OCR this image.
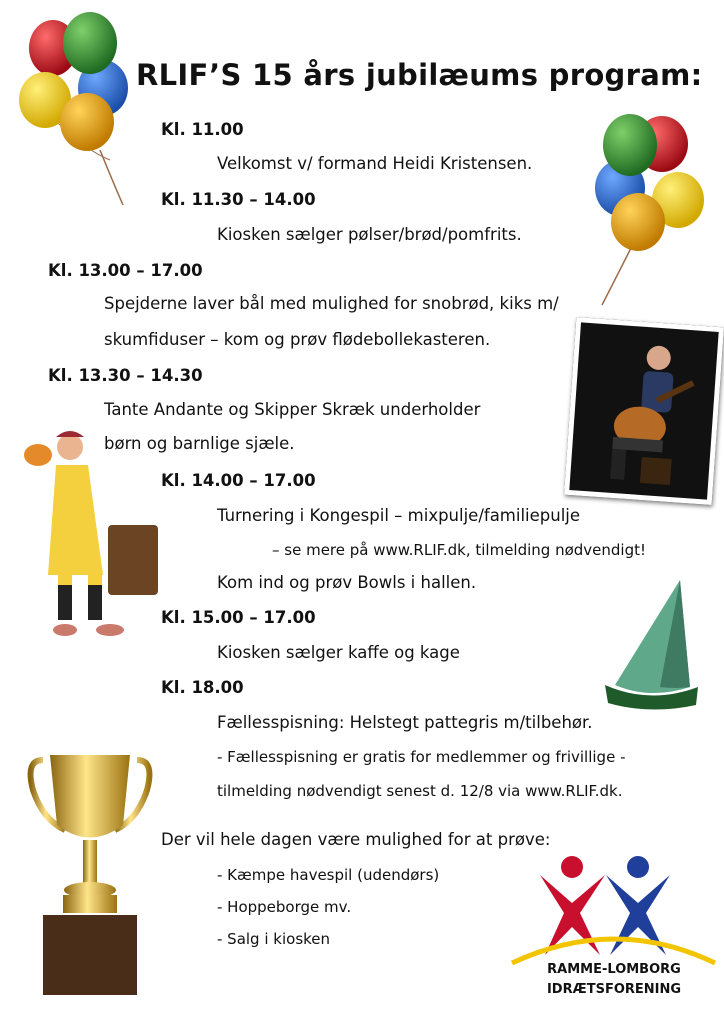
RLIF’S 15 års jubilæums program:
Kl. 11.00
Velkomst v/ formand Heidi Kristensen.
Kl. 11.30 – 14.00
Kiosken sælger pølser/brød/pomfrits.
Kl. 13.00 – 17.00
Spejderne laver bål med mulighed for snobrød, kiks m/
skumfiduser – kom og prøv flødebollekasteren.
Kl. 13.30 – 14.30
Tante Andante og Skipper Skræk underholder
børn og barnlige sjæle.
Kl. 14.00 – 17.00
Turnering i Kongespil – mixpulje/familiepulje
– se mere på www.RLIF.dk, tilmelding nødvendigt!
Kom ind og prøv Bowls i hallen.
Kl. 15.00 – 17.00
Kiosken sælger kaffe og kage
Kl. 18.00
Fællesspisning: Helstegt pattegris m/tilbehør.
- Fællesspisning er gratis for medlemmer og frivillige -
tilmelding nødvendigt senest d. 12/8 via www.RLIF.dk.
Der vil hele dagen være mulighed for at prøve:
- Kæmpe havespil (udendørs)
- Hoppeborge mv.
- Salg i kiosken
RAMME-LOMBORG
IDRÆTSFORENING
